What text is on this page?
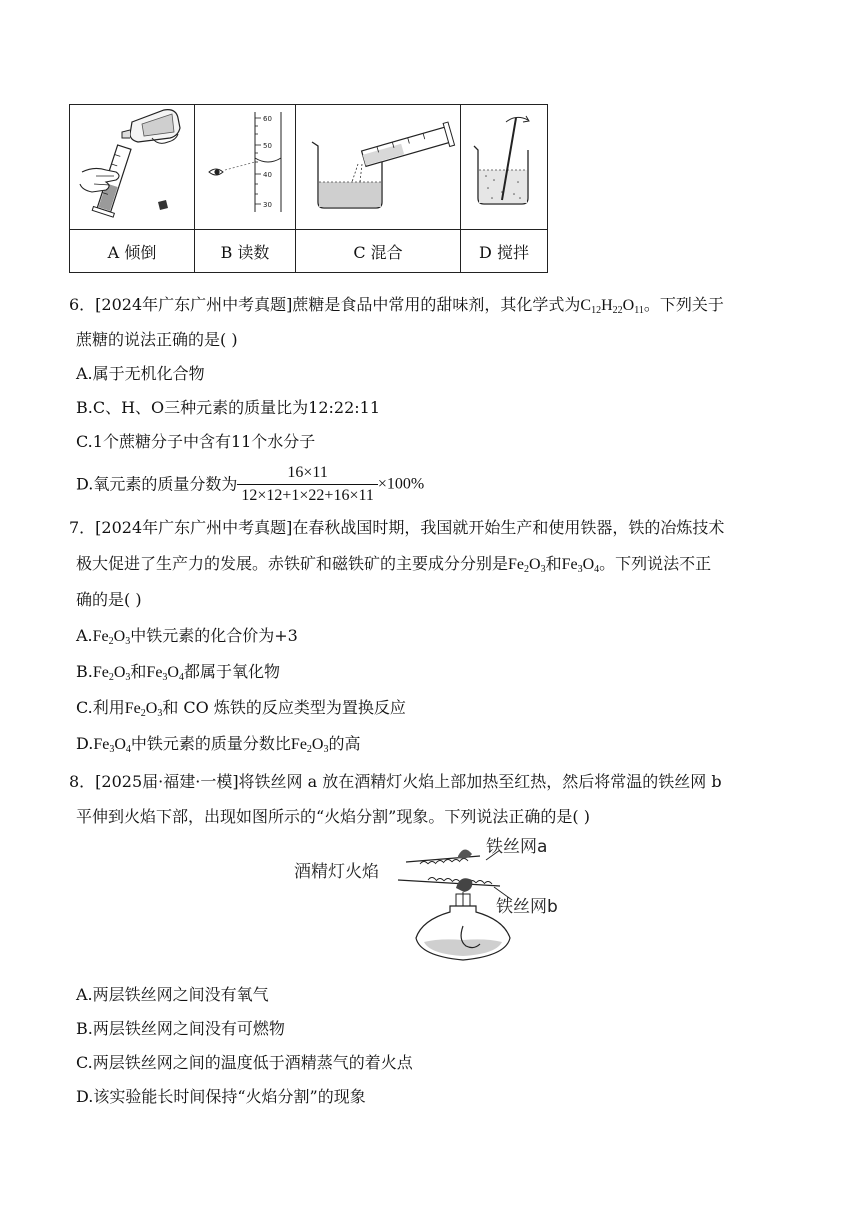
60
50
40
30

A 倾倒	B 读数	C 混合	D 搅拌
6．[2024年广东广州中考真题]蔗糖是食品中常用的甜味剂，其化学式为$C_{12}H_{22}O_{11}$。下列关于
蔗糖的说法正确的是( )
A.属于无机化合物
B.C、H、O三种元素的质量比为12:22:11
C.1个蔗糖分子中含有11个水分子
D.氧元素的质量分数为 $\frac{16\times 11}{12\times 12+1\times 22+16\times 11} \times 100\%$
7．[2024年广东广州中考真题]在春秋战国时期，我国就开始生产和使用铁器，铁的冶炼技术
极大促进了生产力的发展。赤铁矿和磁铁矿的主要成分分别是$Fe_2O_3$和$Fe_3O_4$。下列说法不正
确的是( )
$A.Fe_2O_3$中铁元素的化合价为+3
$B.Fe_2O_3$和$Fe_3O_4$都属于氧化物
C.利用$Fe_2O_3$和 CO 炼铁的反应类型为置换反应
$D.Fe_3O_4$中铁元素的质量分数比$Fe_2O_3$的高
8．[2025届·福建·一模]将铁丝网 a 放在酒精灯火焰上部加热至红热，然后将常温的铁丝网 b
平伸到火焰下部，出现如图所示的“火焰分割”现象。下列说法正确的是( )
酒精灯火焰
铁丝网a
铁丝网b
A.两层铁丝网之间没有氧气
B.两层铁丝网之间没有可燃物
C.两层铁丝网之间的温度低于酒精蒸气的着火点
D.该实验能长时间保持“火焰分割”的现象
